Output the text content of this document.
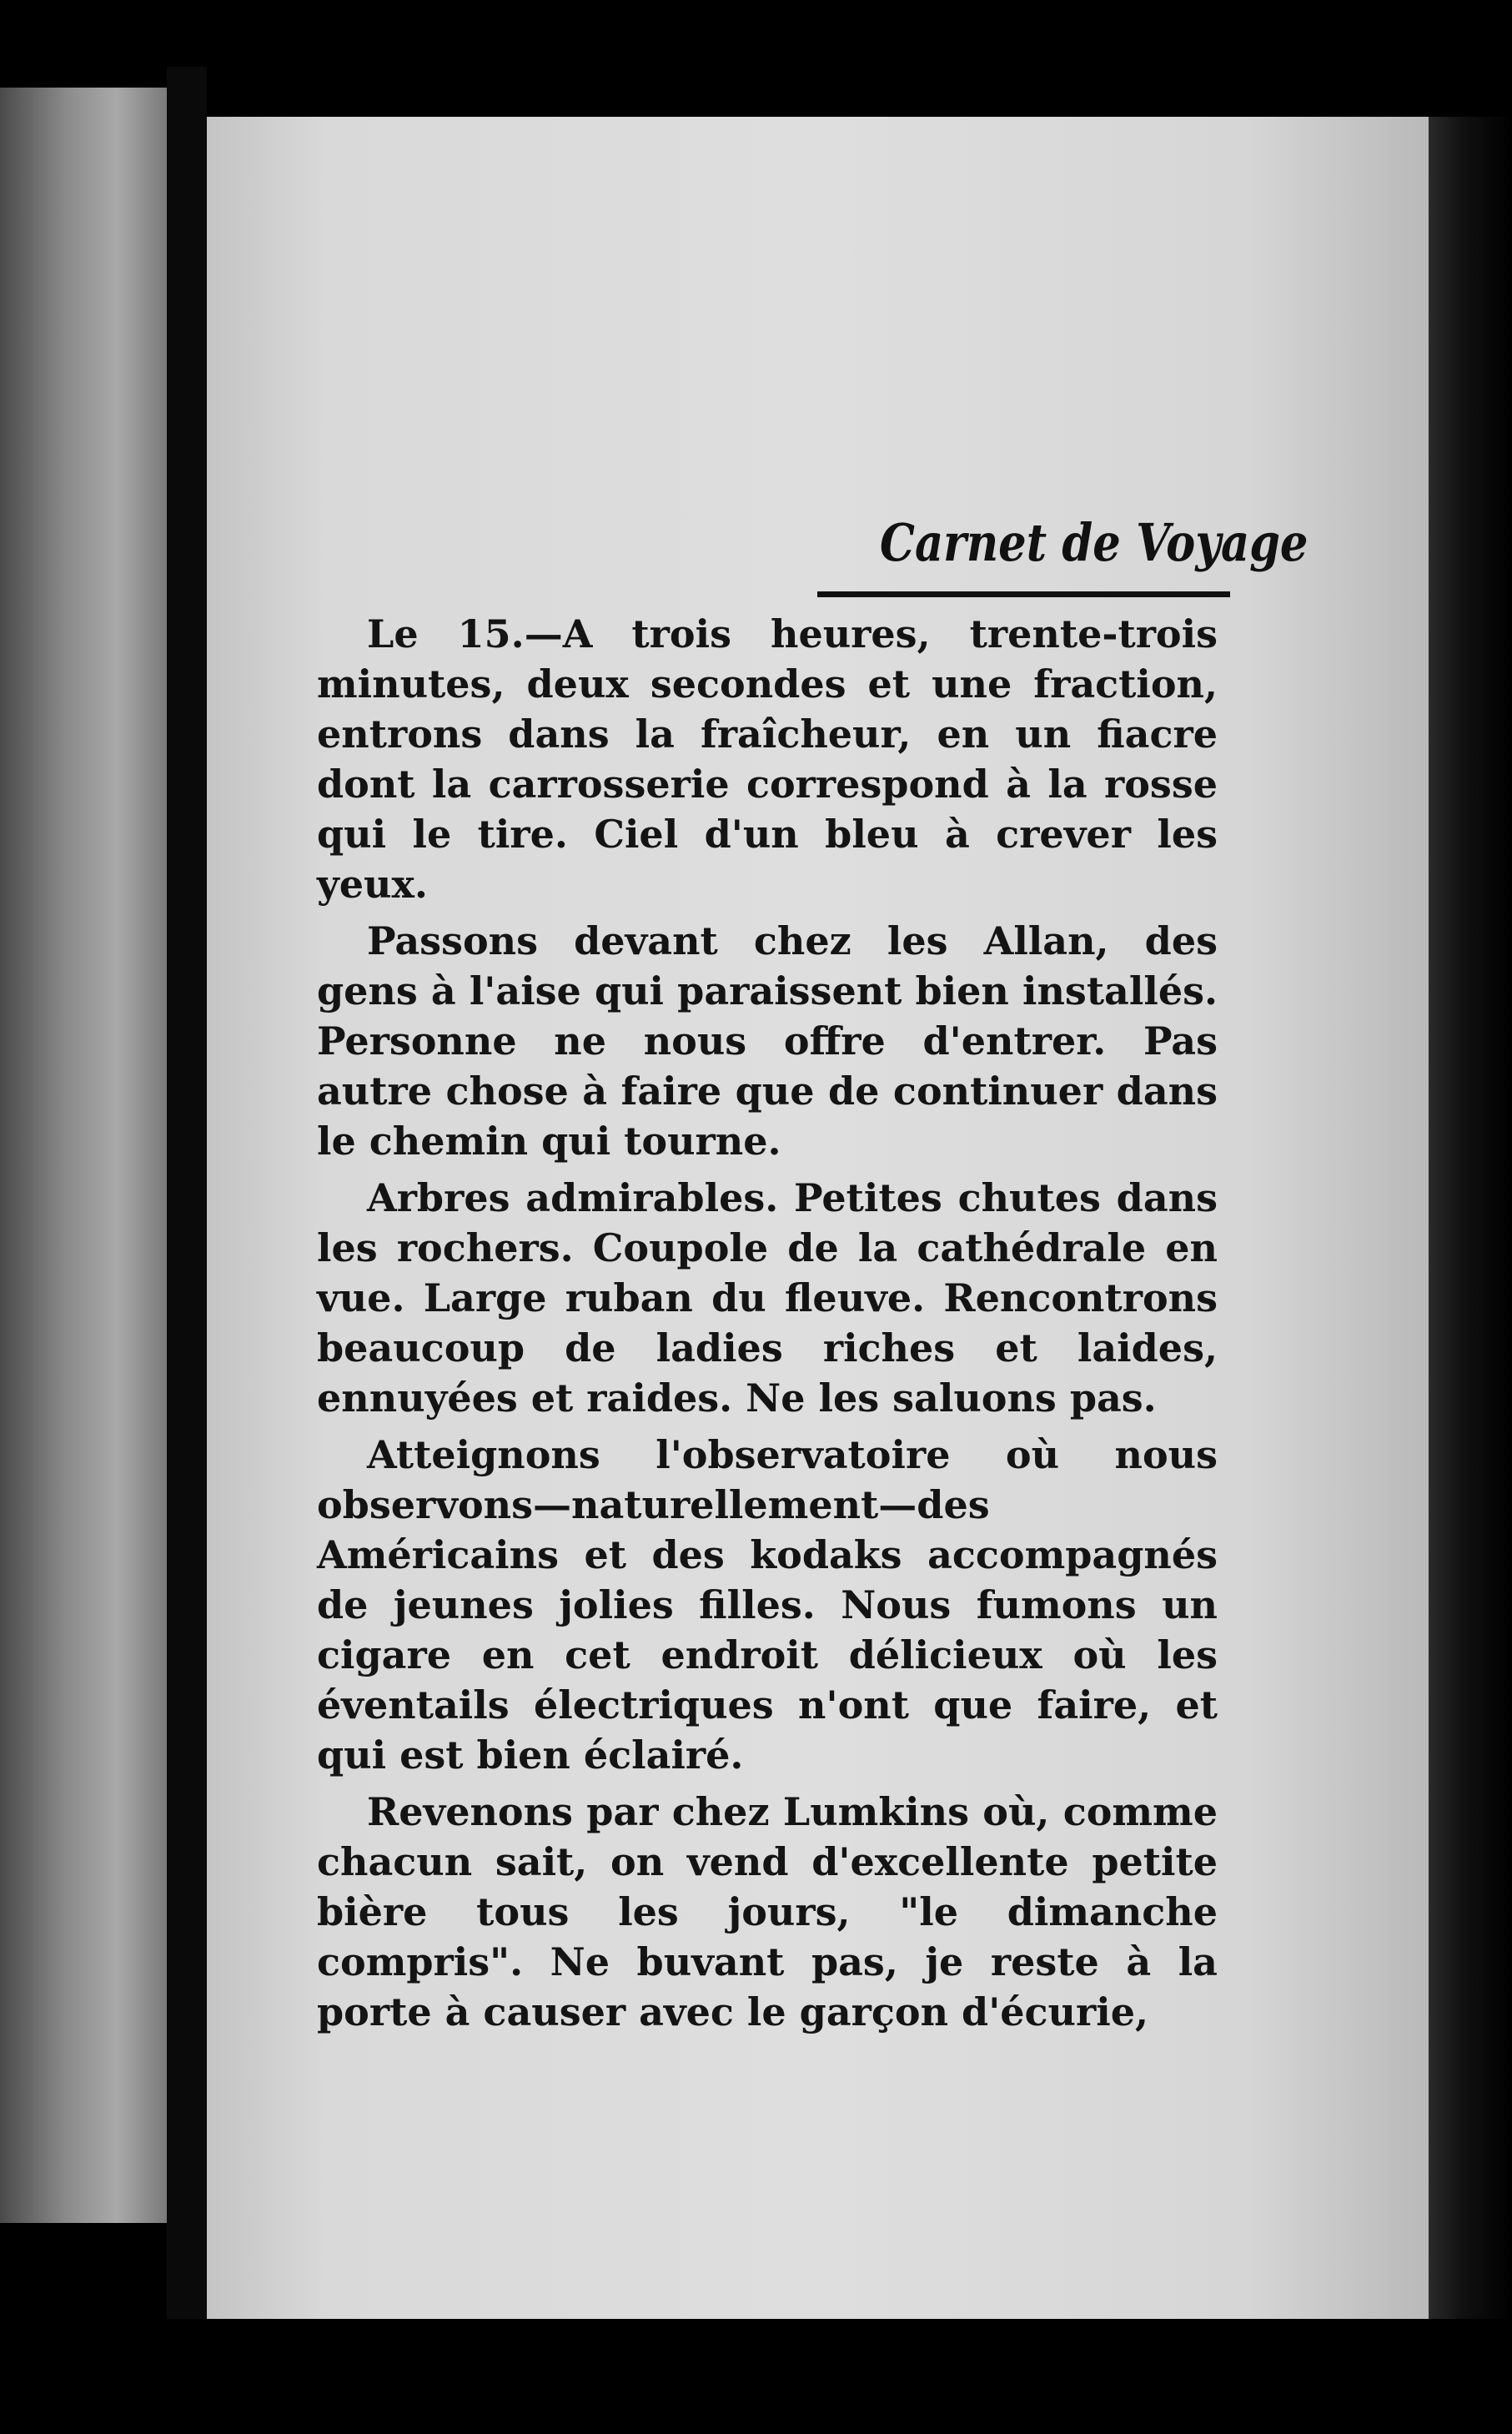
Carnet de Voyage

Le 15.—A trois heures, trente-trois minutes, deux secondes et une fraction, entrons dans la fraîcheur, en un fiacre dont la carrosserie correspond à la rosse qui le tire. Ciel d'un bleu à crever les yeux.

Passons devant chez les Allan, des gens à l'aise qui paraissent bien installés. Personne ne nous offre d'entrer. Pas autre chose à faire que de continuer dans le chemin qui tourne.

Arbres admirables. Petites chutes dans les rochers. Coupole de la cathédrale en vue. Large ruban du fleuve. Rencontrons beaucoup de ladies riches et laides, ennuyées et raides. Ne les saluons pas.

Atteignons l'observatoire où nous observons—naturellement—des Américains et des kodaks accompagnés de jeunes jolies filles. Nous fumons un cigare en cet endroit délicieux où les éventails électriques n'ont que faire, et qui est bien éclairé.

Revenons par chez Lumkins où, comme chacun sait, on vend d'excellente petite bière tous les jours, "le dimanche compris". Ne buvant pas, je reste à la porte à causer avec le garçon d'écurie,
